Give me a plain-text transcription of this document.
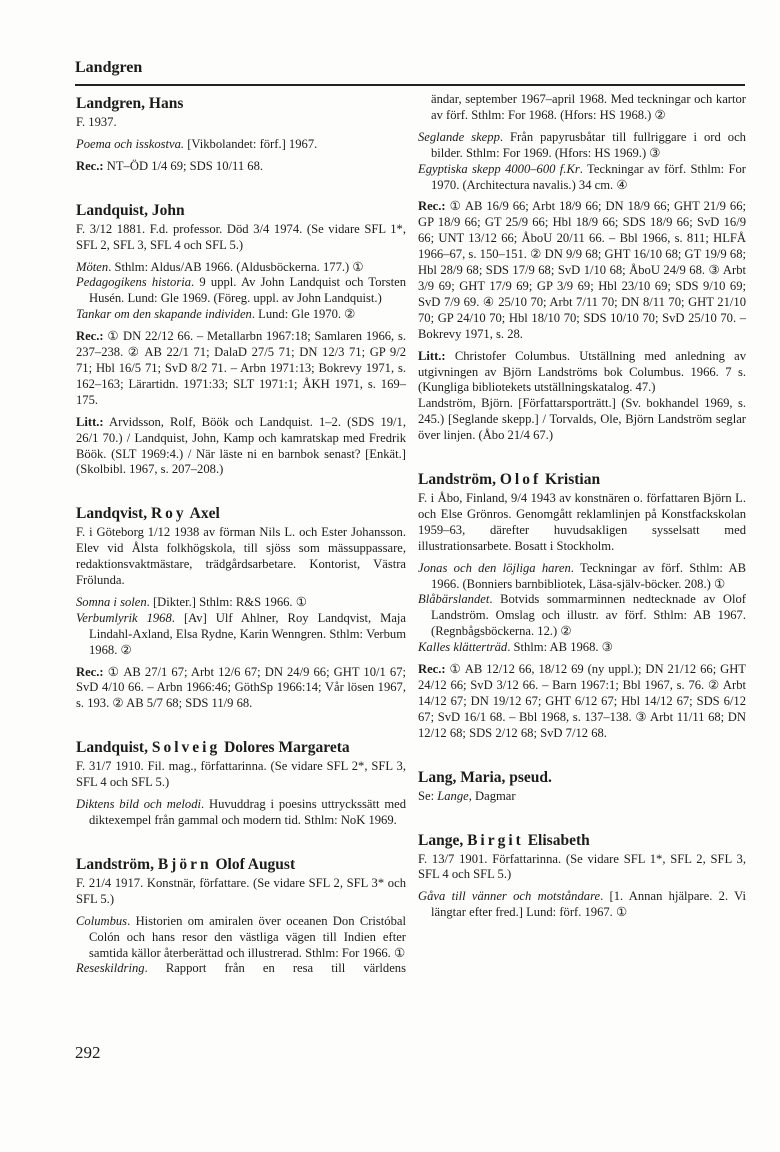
Landgren
Landgren, Hans
F. 1937.
Poema och isskostva. [Vikbolandet: förf.] 1967.
Rec.: NT–ÖD 1/4 69; SDS 10/11 68.
Landquist, John
F. 3/12 1881. F.d. professor. Död 3/4 1974. (Se vidare SFL 1*, SFL 2, SFL 3, SFL 4 och SFL 5.)
Möten. Sthlm: Aldus/AB 1966. (Aldusböckerna. 177.) ①
Pedagogikens historia. 9 uppl. Av John Landquist och Torsten Husén. Lund: Gle 1969. (Föreg. uppl. av John Landquist.)
Tankar om den skapande individen. Lund: Gle 1970. ②
Rec.: ① DN 22/12 66. – Metallarbn 1967:18; Samlaren 1966, s. 237–238. ② AB 22/1 71; DalaD 27/5 71; DN 12/3 71; GP 9/2 71; Hbl 16/5 71; SvD 8/2 71. – Arbn 1971:13; Bokrevy 1971, s. 162–163; Lärartidn. 1971:33; SLT 1971:1; ÅKH 1971, s. 169–175.
Litt.: Arvidsson, Rolf, Böök och Landquist. 1–2. (SDS 19/1, 26/1 70.) / Landquist, John, Kamp och kamratskap med Fredrik Böök. (SLT 1969:4.) / När läste ni en barnbok senast? [Enkät.] (Skolbibl. 1967, s. 207–208.)
Landqvist, Roy Axel
F. i Göteborg 1/12 1938 av förman Nils L. och Ester Johansson. Elev vid Ålsta folkhögskola, till sjöss som mässuppassare, redaktionsvaktmästare, trädgårdsarbetare. Kontorist, Västra Frölunda.
Somna i solen. [Dikter.] Sthlm: R&S 1966. ①
Verbumlyrik 1968. [Av] Ulf Ahlner, Roy Landqvist, Maja Lindahl-Axland, Elsa Rydne, Karin Wenngren. Sthlm: Verbum 1968. ②
Rec.: ① AB 27/1 67; Arbt 12/6 67; DN 24/9 66; GHT 10/1 67; SvD 4/10 66. – Arbn 1966:46; GöthSp 1966:14; Vår lösen 1967, s. 193. ② AB 5/7 68; SDS 11/9 68.
Landquist, Solveig Dolores Margareta
F. 31/7 1910. Fil. mag., författarinna. (Se vidare SFL 2*, SFL 3, SFL 4 och SFL 5.)
Diktens bild och melodi. Huvuddrag i poesins uttryckssätt med diktexempel från gammal och modern tid. Sthlm: NoK 1969.
Landström, Björn Olof August
F. 21/4 1917. Konstnär, författare. (Se vidare SFL 2, SFL 3* och SFL 5.)
Columbus. Historien om amiralen över oceanen Don Cristóbal Colón och hans resor den västliga vägen till Indien efter samtida källor återberättad och illustrerad. Sthlm: For 1966. ①
Reseskildring. Rapport från en resa till världens
ändar, september 1967–april 1968. Med teckningar och kartor av förf. Sthlm: For 1968. (Hfors: HS 1968.) ②
Seglande skepp. Från papyrusbåtar till fullriggare i ord och bilder. Sthlm: For 1969. (Hfors: HS 1969.) ③
Egyptiska skepp 4000–600 f.Kr. Teckningar av förf. Sthlm: For 1970. (Architectura navalis.) 34 cm. ④
Rec.: ① AB 16/9 66; Arbt 18/9 66; DN 18/9 66; GHT 21/9 66; GP 18/9 66; GT 25/9 66; Hbl 18/9 66; SDS 18/9 66; SvD 16/9 66; UNT 13/12 66; ÅboU 20/11 66. – Bbl 1966, s. 811; HLFÅ 1966–67, s. 150–151. ② DN 9/9 68; GHT 16/10 68; GT 19/9 68; Hbl 28/9 68; SDS 17/9 68; SvD 1/10 68; ÅboU 24/9 68. ③ Arbt 3/9 69; GHT 17/9 69; GP 3/9 69; Hbl 23/10 69; SDS 9/10 69; SvD 7/9 69. ④ 25/10 70; Arbt 7/11 70; DN 8/11 70; GHT 21/10 70; GP 24/10 70; Hbl 18/10 70; SDS 10/10 70; SvD 25/10 70. – Bokrevy 1971, s. 28.
Litt.: Christofer Columbus. Utställning med anledning av utgivningen av Björn Landströms bok Columbus. 1966. 7 s. (Kungliga bibliotekets utställningskatalog. 47.)
Landström, Björn. [Författarsporträtt.] (Sv. bokhandel 1969, s. 245.) [Seglande skepp.] / Torvalds, Ole, Björn Landström seglar över linjen. (Åbo 21/4 67.)
Landström, Olof Kristian
F. i Åbo, Finland, 9/4 1943 av konstnären o. författaren Björn L. och Else Grönros. Genomgått reklamlinjen på Konstfackskolan 1959–63, därefter huvudsakligen sysselsatt med illustrationsarbete. Bosatt i Stockholm.
Jonas och den löjliga haren. Teckningar av förf. Sthlm: AB 1966. (Bonniers barnbibliotek, Läsa-själv-böcker. 208.) ①
Blåbärslandet. Botvids sommarminnen nedtecknade av Olof Landström. Omslag och illustr. av förf. Sthlm: AB 1967. (Regnbågsböckerna. 12.) ②
Kalles klätterträd. Sthlm: AB 1968. ③
Rec.: ① AB 12/12 66, 18/12 69 (ny uppl.); DN 21/12 66; GHT 24/12 66; SvD 3/12 66. – Barn 1967:1; Bbl 1967, s. 76. ② Arbt 14/12 67; DN 19/12 67; GHT 6/12 67; Hbl 14/12 67; SDS 6/12 67; SvD 16/1 68. – Bbl 1968, s. 137–138. ③ Arbt 11/11 68; DN 12/12 68; SDS 2/12 68; SvD 7/12 68.
Lang, Maria, pseud.
Se: Lange, Dagmar
Lange, Birgit Elisabeth
F. 13/7 1901. Författarinna. (Se vidare SFL 1*, SFL 2, SFL 3, SFL 4 och SFL 5.)
Gåva till vänner och motståndare. [1. Annan hjälpare. 2. Vi längtar efter fred.] Lund: förf. 1967. ①
292
